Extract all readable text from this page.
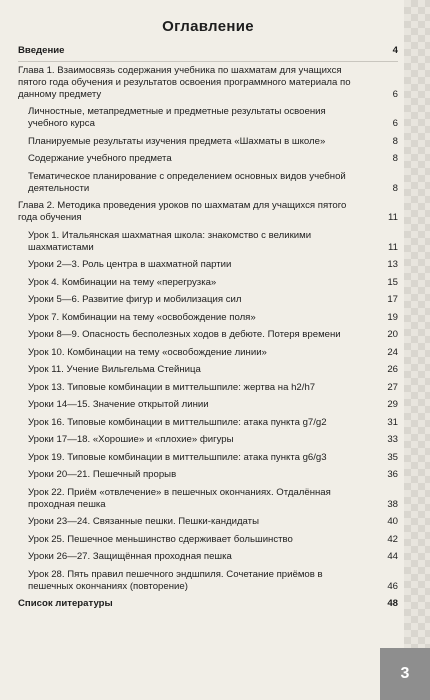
Оглавление
Введение	4
Глава 1. Взаимосвязь содержания учебника по шахматам для учащихся пятого года обучения и результатов освоения программного материала по данному предмету	6
Личностные, метапредметные и предметные результаты освоения учебного курса	6
Планируемые результаты изучения предмета «Шахматы в школе»	8
Содержание учебного предмета	8
Тематическое планирование с определением основных видов учебной деятельности	8
Глава 2. Методика проведения уроков по шахматам для учащихся пятого года обучения	11
Урок 1. Итальянская шахматная школа: знакомство с великими шахматистами	11
Уроки 2—3. Роль центра в шахматной партии	13
Урок 4. Комбинации на тему «перегрузка»	15
Уроки 5—6. Развитие фигур и мобилизация сил	17
Урок 7. Комбинации на тему «освобождение поля»	19
Уроки 8—9. Опасность бесполезных ходов в дебюте. Потеря времени	20
Урок 10. Комбинации на тему «освобождение линии»	24
Урок 11. Учение Вильгельма Стейница	26
Урок 13. Типовые комбинации в миттельшпиле: жертва на h2/h7	27
Уроки 14—15. Значение открытой линии	29
Урок 16. Типовые комбинации в миттельшпиле: атака пункта g7/g2	31
Уроки 17—18. «Хорошие» и «плохие» фигуры	33
Урок 19. Типовые комбинации в миттельшпиле: атака пункта g6/g3	35
Уроки 20—21. Пешечный прорыв	36
Урок 22. Приём «отвлечение» в пешечных окончаниях. Отдалённая проходная пешка	38
Уроки 23—24. Связанные пешки. Пешки-кандидаты	40
Урок 25. Пешечное меньшинство сдерживает большинство	42
Уроки 26—27. Защищённая проходная пешка	44
Урок 28. Пять правил пешечного эндшпиля. Сочетание приёмов в пешечных окончаниях (повторение)	46
Список литературы	48
3
